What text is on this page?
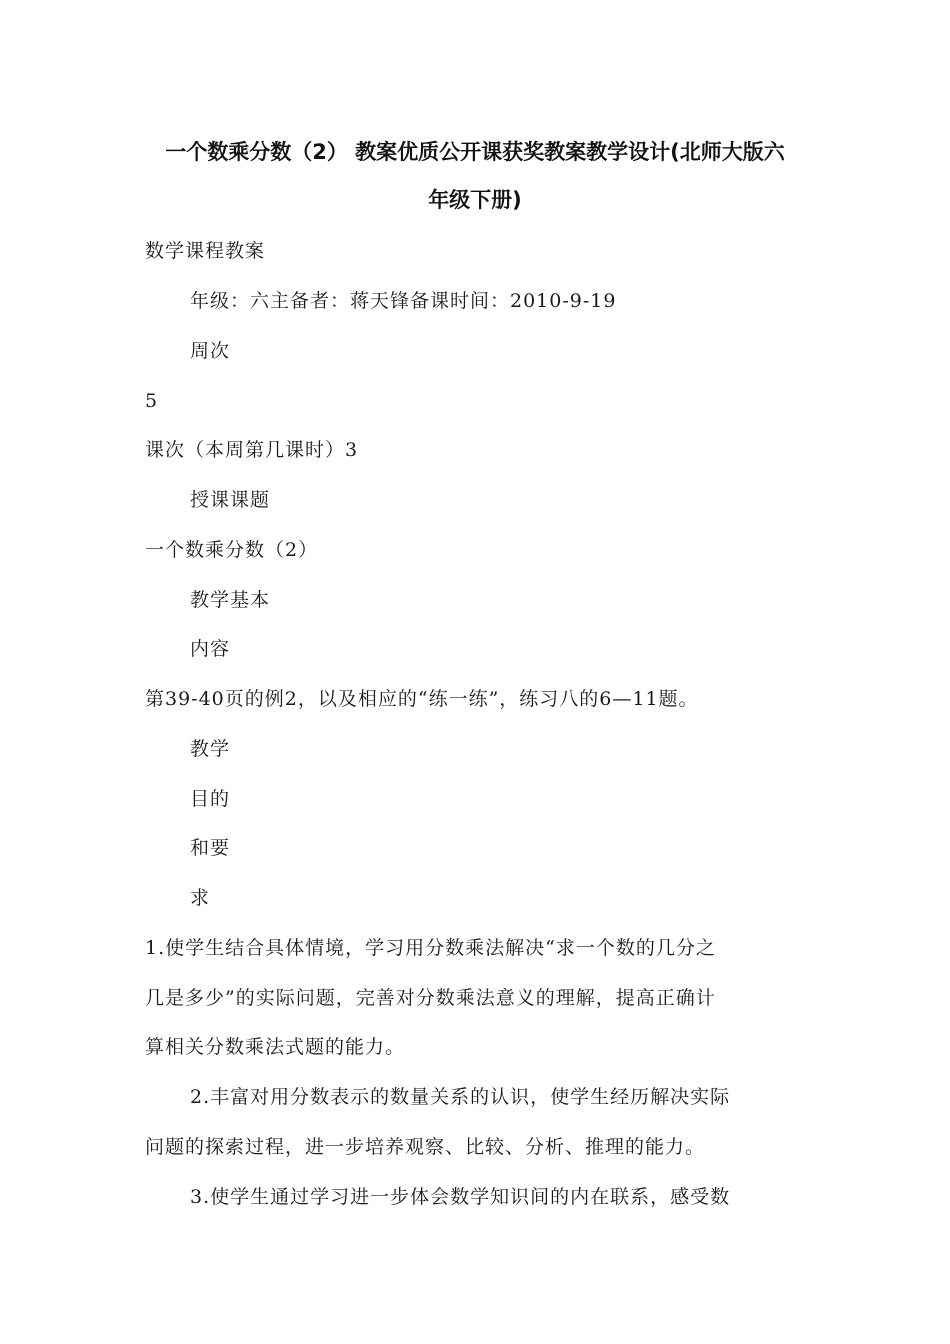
一个数乘分数（2） 教案优质公开课获奖教案教学设计(北师大版六
年级下册)
数学课程教案
年级：六主备者：蒋天锋备课时间：2010-9-19
周次
5
课次（本周第几课时）3
授课课题
一个数乘分数（2）
教学基本
内容
第39-40页的例2，以及相应的“练一练”，练习八的6—11题。
教学
目的
和要
求
1.使学生结合具体情境，学习用分数乘法解决“求一个数的几分之
几是多少”的实际问题，完善对分数乘法意义的理解，提高正确计
算相关分数乘法式题的能力。
2.丰富对用分数表示的数量关系的认识，使学生经历解决实际
问题的探索过程，进一步培养观察、比较、分析、推理的能力。
3.使学生通过学习进一步体会数学知识间的内在联系，感受数
